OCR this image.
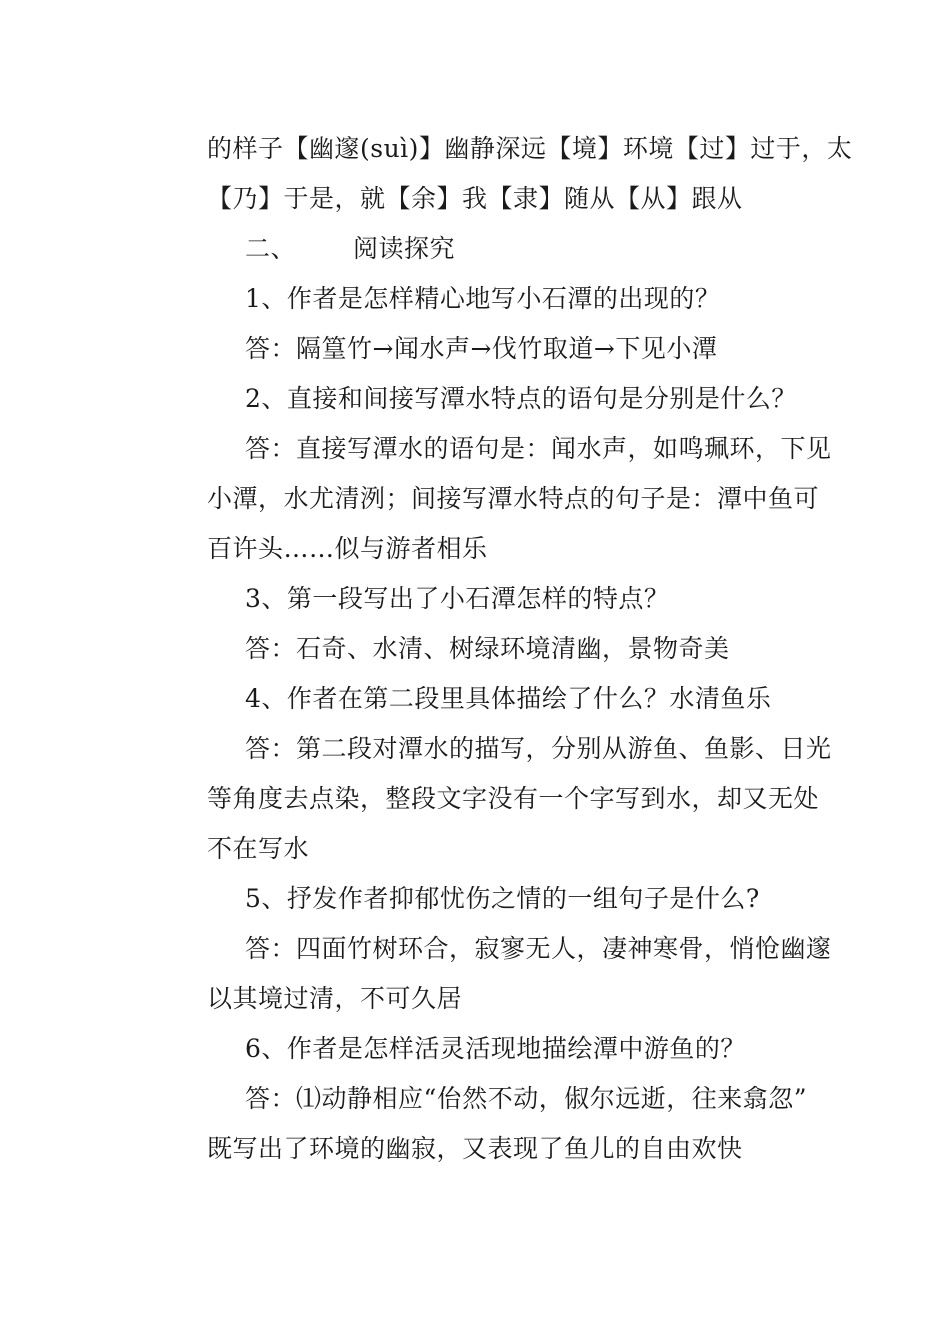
的样子【幽邃(suì)】幽静深远【境】环境【过】过于，太
【乃】于是，就【余】我【隶】随从【从】跟从
二、 阅读探究
1、作者是怎样精心地写小石潭的出现的？
答：隔篁竹→闻水声→伐竹取道→下见小潭
2、直接和间接写潭水特点的语句是分别是什么？
答：直接写潭水的语句是：闻水声，如鸣珮环，下见
小潭，水尤清洌；间接写潭水特点的句子是：潭中鱼可
百许头……似与游者相乐
3、第一段写出了小石潭怎样的特点？
答：石奇、水清、树绿环境清幽，景物奇美
4、作者在第二段里具体描绘了什么？水清鱼乐
答：第二段对潭水的描写，分别从游鱼、鱼影、日光
等角度去点染，整段文字没有一个字写到水，却又无处
不在写水
5、抒发作者抑郁忧伤之情的一组句子是什么?
答：四面竹树环合，寂寥无人，凄神寒骨，悄怆幽邃
以其境过清，不可久居
6、作者是怎样活灵活现地描绘潭中游鱼的？
答：⑴动静相应“佁然不动，俶尔远逝，往来翕忽”
既写出了环境的幽寂，又表现了鱼儿的自由欢快
